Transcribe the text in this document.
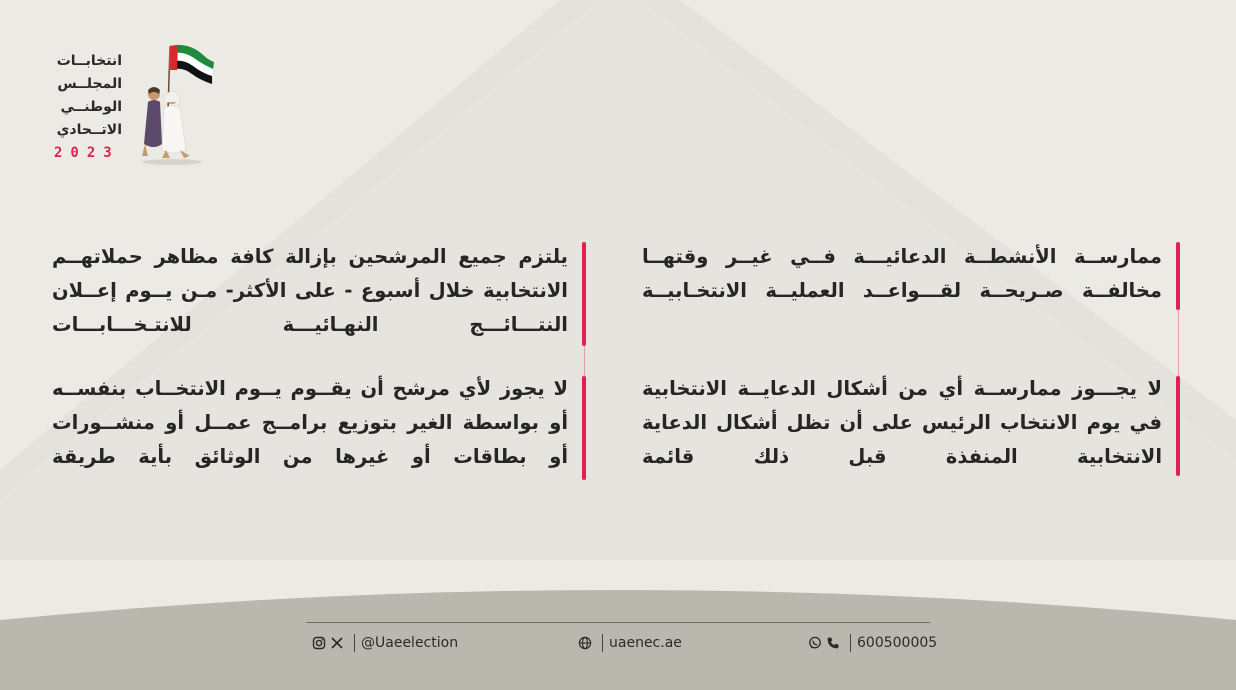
انتخابــات
المجلــس
الوطنــي
الاتــحادي
2023
ممارســة الأنشطــة الدعائيـــة فــي غيــر وقتهــا مخالفــة صـريحــة لقـــواعــد العمليــة الانتخـابيــة
يلتزم جميع المرشحين بإزالة كافة مظاهر حملاتهــم الانتخابية خلال أسبوع - على الأكثر- مـن يــوم إعــلان النتـــائـــج النهـائيـــة للانتـخـــابـــات
لا يجـــوز ممارســة أي من أشكال الدعايــة الانتخابية في يوم الانتخاب الرئيس على أن تظل أشكال الدعاية الانتخابية المنفذة قبل ذلك قائمة
لا يجوز لأي مرشح أن يقــوم يــوم الانتخــاب بنفســه أو بواسطة الغير بتوزيع برامــج عمــل أو منشــورات أو بطاقات أو غيرها من الوثائق بأية طريقة
@Uaeelection	uaenec.ae	600500005
